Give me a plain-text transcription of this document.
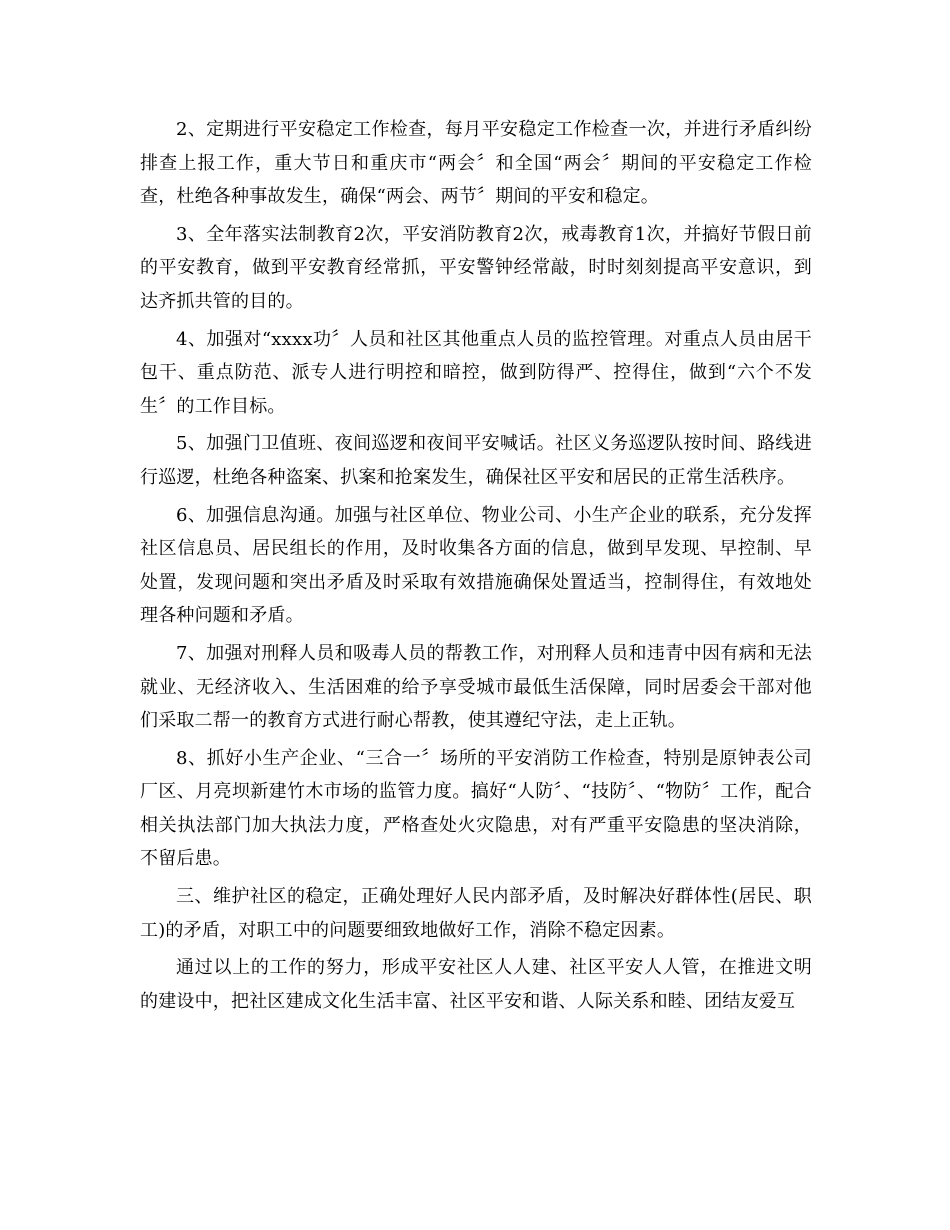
2、定期进行平安稳定工作检查，每月平安稳定工作检查一次，并进行矛盾纠纷排查上报工作，重大节日和重庆市“两会〞和全国“两会〞期间的平安稳定工作检查，杜绝各种事故发生，确保“两会、两节〞期间的平安和稳定。

3、全年落实法制教育2次，平安消防教育2次，戒毒教育1次，并搞好节假日前的平安教育，做到平安教育经常抓，平安警钟经常敲，时时刻刻提高平安意识，到达齐抓共管的目的。

4、加强对“xxxx功〞人员和社区其他重点人员的监控管理。对重点人员由居干包干、重点防范、派专人进行明控和暗控，做到防得严、控得住，做到“六个不发生〞的工作目标。

5、加强门卫值班、夜间巡逻和夜间平安喊话。社区义务巡逻队按时间、路线进行巡逻，杜绝各种盗案、扒案和抢案发生，确保社区平安和居民的正常生活秩序。

6、加强信息沟通。加强与社区单位、物业公司、小生产企业的联系，充分发挥社区信息员、居民组长的作用，及时收集各方面的信息，做到早发现、早控制、早处置，发现问题和突出矛盾及时采取有效措施确保处置适当，控制得住，有效地处理各种问题和矛盾。

7、加强对刑释人员和吸毒人员的帮教工作，对刑释人员和违青中因有病和无法就业、无经济收入、生活困难的给予享受城市最低生活保障，同时居委会干部对他们采取二帮一的教育方式进行耐心帮教，使其遵纪守法，走上正轨。

8、抓好小生产企业、“三合一〞场所的平安消防工作检查，特别是原钟表公司厂区、月亮坝新建竹木市场的监管力度。搞好“人防〞、“技防〞、“物防〞工作，配合相关执法部门加大执法力度，严格查处火灾隐患，对有严重平安隐患的坚决消除，不留后患。

三、维护社区的稳定，正确处理好人民内部矛盾，及时解决好群体性(居民、职工)的矛盾，对职工中的问题要细致地做好工作，消除不稳定因素。

通过以上的工作的努力，形成平安社区人人建、社区平安人人管，在推进文明的建设中，把社区建成文化生活丰富、社区平安和谐、人际关系和睦、团结友爱互
